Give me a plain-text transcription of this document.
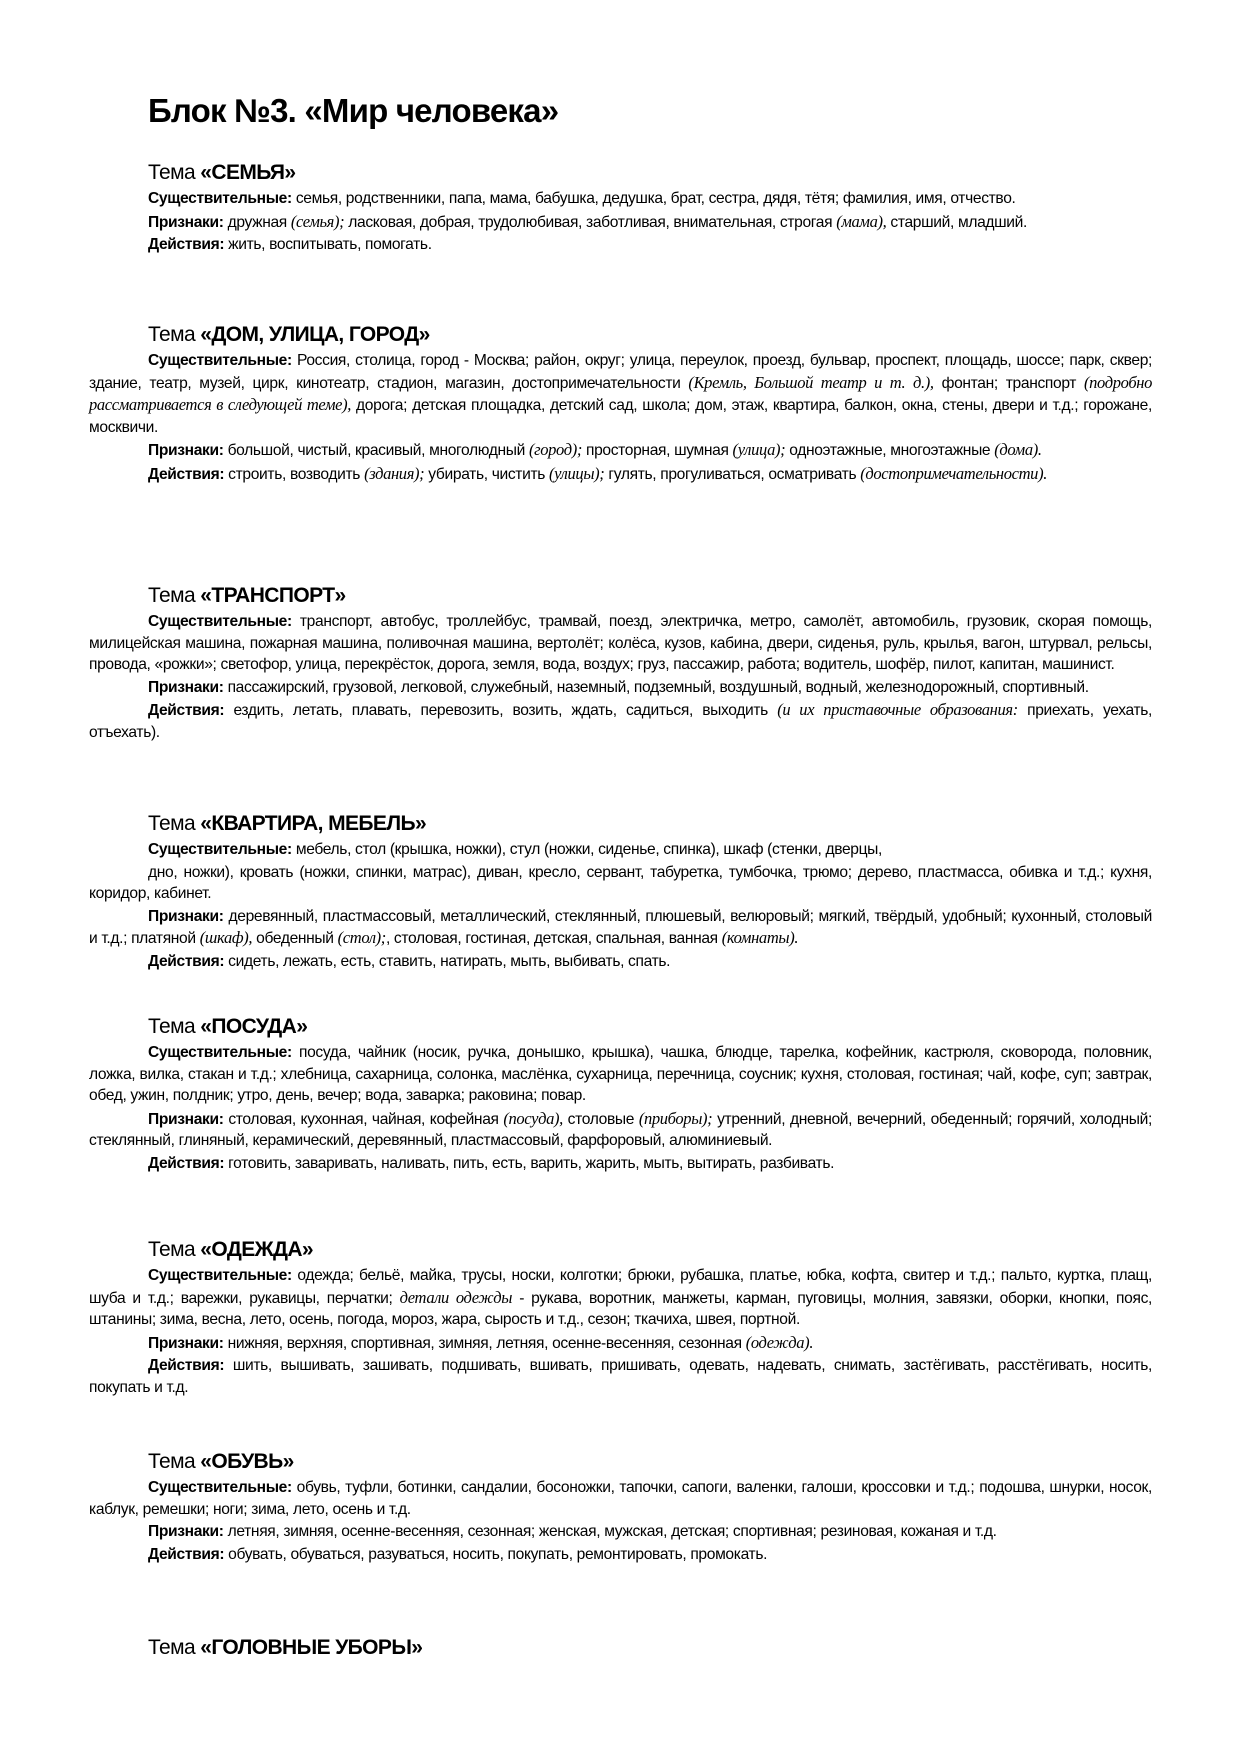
Блок №3. «Мир человека»
Тема «СЕМЬЯ»

Существительные: семья, родственники, папа, мама, бабушка, дедушка, брат, сестра, дядя, тётя; фамилия, имя, отчество.

Признаки: дружная (семья); ласковая, добрая, трудолюбивая, заботливая, внимательная, строгая (мама), старший, младший.

Действия: жить, воспитывать, помогать.

Тема «ДОМ, УЛИЦА, ГОРОД»

Существительные: Россия, столица, город - Москва; район, округ; улица, переулок, проезд, бульвар, проспект, площадь, шоссе; парк, сквер; здание, театр, музей, цирк, кинотеатр, стадион, магазин, достопримечательности (Кремль, Большой театр и т. д.), фонтан; транспорт (подробно рассматривается в следующей теме), дорога; детская площадка, детский сад, школа; дом, этаж, квартира, балкон, окна, стены, двери и т.д.; горожане, москвичи.

Признаки: большой, чистый, красивый, многолюдный (город); просторная, шумная (улица); одноэтажные, многоэтажные (дома).

Действия: строить, возводить (здания); убирать, чистить (улицы); гулять, прогуливаться, осматривать (достопримечательности).

Тема «ТРАНСПОРТ»

Существительные: транспорт, автобус, троллейбус, трамвай, поезд, электричка, метро, самолёт, автомобиль, грузовик, скорая помощь, милицейская машина, пожарная машина, поливочная машина, вертолёт; колёса, кузов, кабина, двери, сиденья, руль, крылья, вагон, штурвал, рельсы, провода, «рожки»; светофор, улица, перекрёсток, дорога, земля, вода, воздух; груз, пассажир, работа; водитель, шофёр, пилот, капитан, машинист.

Признаки: пассажирский, грузовой, легковой, служебный, наземный, подземный, воздушный, водный, железнодорожный, спортивный.

Действия: ездить, летать, плавать, перевозить, возить, ждать, садиться, выходить (и их приставочные образования: приехать, уехать, отъехать).

Тема «КВАРТИРА, МЕБЕЛЬ»

Существительные: мебель, стол (крышка, ножки), стул (ножки, сиденье, спинка), шкаф (стенки, дверцы,

дно, ножки), кровать (ножки, спинки, матрас), диван, кресло, сервант, табуретка, тумбочка, трюмо; дерево, пластмасса, обивка и т.д.; кухня, коридор, кабинет.

Признаки: деревянный, пластмассовый, металлический, стеклянный, плюшевый, велюровый; мягкий, твёрдый, удобный; кухонный, столовый и т.д.; платяной (шкаф), обеденный (стол);, столовая, гостиная, детская, спальная, ванная (комнаты).

Действия: сидеть, лежать, есть, ставить, натирать, мыть, выбивать, спать.

Тема «ПОСУДА»

Существительные: посуда, чайник (носик, ручка, донышко, крышка), чашка, блюдце, тарелка, кофейник, кастрюля, сковорода, половник, ложка, вилка, стакан и т.д.; хлебница, сахарница, солонка, маслёнка, сухарница, перечница, соусник; кухня, столовая, гостиная; чай, кофе, суп; завтрак, обед, ужин, полдник; утро, день, вечер; вода, заварка; раковина; повар.

Признаки: столовая, кухонная, чайная, кофейная (посуда), столовые (приборы); утренний, дневной, вечерний, обеденный; горячий, холодный; стеклянный, глиняный, керамический, деревянный, пластмассовый, фарфоровый, алюминиевый.

Действия: готовить, заваривать, наливать, пить, есть, варить, жарить, мыть, вытирать, разбивать.

Тема «ОДЕЖДА»

Существительные: одежда; бельё, майка, трусы, носки, колготки; брюки, рубашка, платье, юбка, кофта, свитер и т.д.; пальто, куртка, плащ, шуба и т.д.; варежки, рукавицы, перчатки; детали одежды - рукава, воротник, манжеты, карман, пуговицы, молния, завязки, оборки, кнопки, пояс, штанины; зима, весна, лето, осень, погода, мороз, жара, сырость и т.д., сезон; ткачиха, швея, портной.

Признаки: нижняя, верхняя, спортивная, зимняя, летняя, осенне-весенняя, сезонная (одежда).

Действия: шить, вышивать, зашивать, подшивать, вшивать, пришивать, одевать, надевать, снимать, застёгивать, расстёгивать, носить, покупать и т.д.

Тема «ОБУВЬ»

Существительные: обувь, туфли, ботинки, сандалии, босоножки, тапочки, сапоги, валенки, галоши, кроссовки и т.д.; подошва, шнурки, носок, каблук, ремешки; ноги; зима, лето, осень и т.д.

Признаки: летняя, зимняя, осенне-весенняя, сезонная; женская, мужская, детская; спортивная; резиновая, кожаная и т.д.

Действия: обувать, обуваться, разуваться, носить, покупать, ремонтировать, промокать.

Тема «ГОЛОВНЫЕ УБОРЫ»
